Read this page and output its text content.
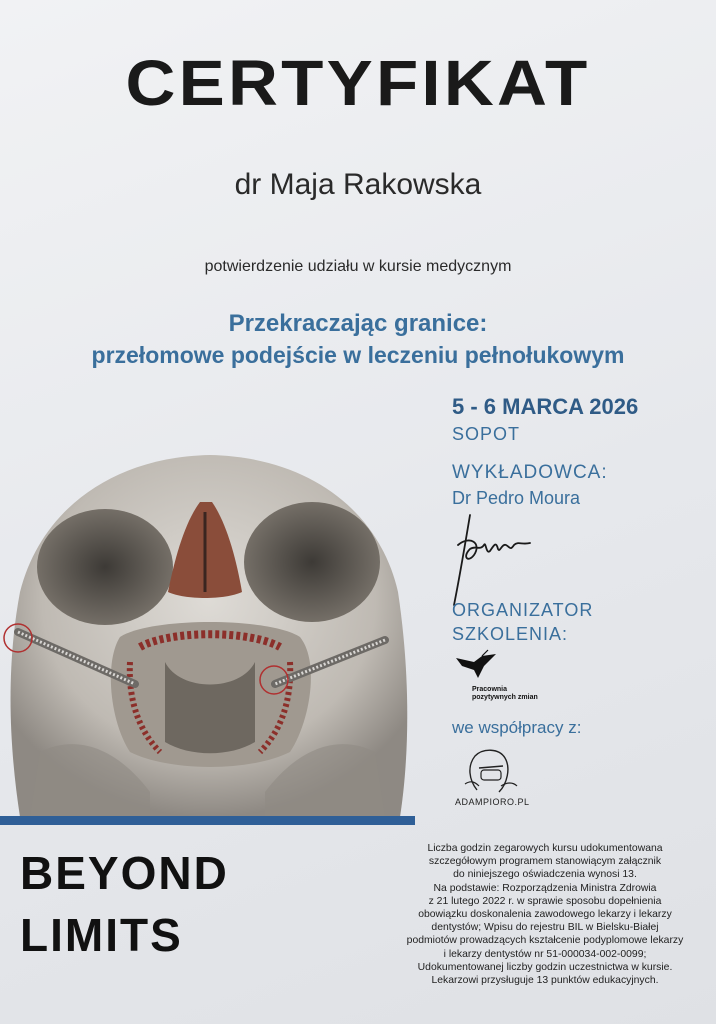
CERTYFIKAT
dr Maja Rakowska
potwierdzenie udziału w kursie medycznym
Przekraczając granice:
przełomowe podejście w leczeniu pełnołukowym
5 - 6 MARCA 2026
SOPOT
WYKŁADOWCA:
Dr Pedro Moura
ORGANIZATOR
SZKOLENIA:
Pracownia pozytywnych zmian
we współpracy z:
ADAMPIORO.PL
BEYOND
LIMITS
Liczba godzin zegarowych kursu udokumentowana
szczegółowym programem stanowiącym załącznik
do niniejszego oświadczenia wynosi 13.
Na podstawie: Rozporządzenia Ministra Zdrowia
z 21 lutego 2022 r. w sprawie sposobu dopełnienia
obowiązku doskonalenia zawodowego lekarzy i lekarzy
dentystów; Wpisu do rejestru BIL w Bielsku-Białej
podmiotów prowadzących kształcenie podyplomowe lekarzy
i lekarzy dentystów nr 51-000034-002-0099;
Udokumentowanej liczby godzin uczestnictwa w kursie.
Lekarzowi przysługuje 13 punktów edukacyjnych.
